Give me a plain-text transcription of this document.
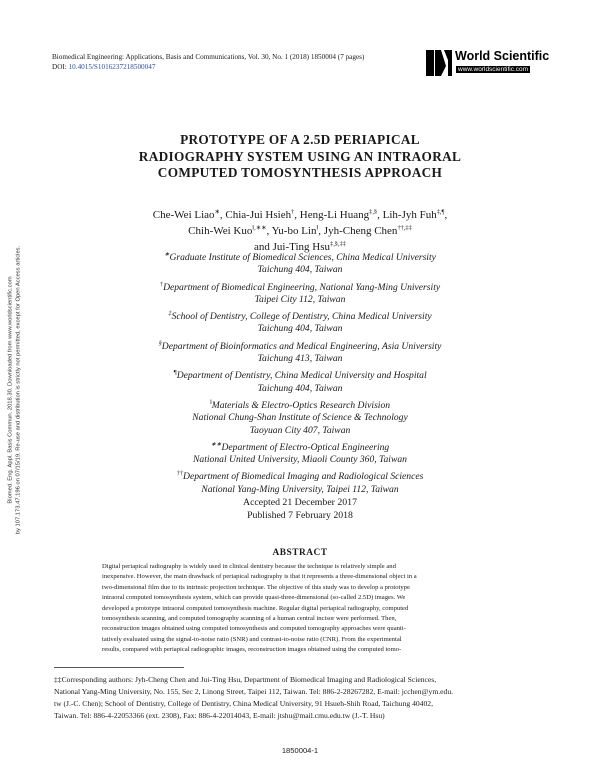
Biomed. Eng. Appl. Basis Commun. 2018.30. Downloaded from www.worldscientific.com by 107.173.47.196 on 07/15/19. Re-use and distribution is strictly not permitted, except for Open Access articles.
Biomedical Engineering: Applications, Basis and Communications, Vol. 30, No. 1 (2018) 1850004 (7 pages)
DOI: 10.4015/S1016237218500047
World Scientific
www.worldscientific.com
PROTOTYPE OF A 2.5D PERIAPICAL
RADIOGRAPHY SYSTEM USING AN INTRAORAL
COMPUTED TOMOSYNTHESIS APPROACH
Che-Wei Liao∗, Chia-Jui Hsieh†, Heng-Li Huang‡,§, Lih-Jyh Fuh‡,¶,
Chih-Wei Kuo‖,∗∗, Yu-bo Lin‖, Jyh-Cheng Chen††,‡‡
and Jui-Ting Hsu‡,§,‡‡
∗Graduate Institute of Biomedical Sciences, China Medical University
Taichung 404, Taiwan
†Department of Biomedical Engineering, National Yang-Ming University
Taipei City 112, Taiwan
‡School of Dentistry, College of Dentistry, China Medical University
Taichung 404, Taiwan
§Department of Bioinformatics and Medical Engineering, Asia University
Taichung 413, Taiwan
¶Department of Dentistry, China Medical University and Hospital
Taichung 404, Taiwan
‖Materials & Electro-Optics Research Division
National Chung-Shan Institute of Science & Technology
Taoyuan City 407, Taiwan
∗∗Department of Electro-Optical Engineering
National United University, Miaoli County 360, Taiwan
††Department of Biomedical Imaging and Radiological Sciences
National Yang-Ming University, Taipei 112, Taiwan
Accepted 21 December 2017
Published 7 February 2018
ABSTRACT
Digital periapical radiography is widely used in clinical dentistry because the technique is relatively simple and
inexpensive. However, the main drawback of periapical radiography is that it represents a three-dimensional object in a
two-dimensional film due to its intrinsic projection technique. The objective of this study was to develop a prototype
intraoral computed tomosynthesis system, which can provide quasi-three-dimensional (so-called 2.5D) images. We
developed a prototype intraoral computed tomosynthesis machine. Regular digital periapical radiography, computed
tomosynthesis scanning, and computed tomography scanning of a human central incisor were performed. Then,
reconstruction images obtained using computed tomosynthesis and computed tomography approaches were quanti-
tatively evaluated using the signal-to-noise ratio (SNR) and contrast-to-noise ratio (CNR). From the experimental
results, compared with periapical radiographic images, reconstruction images obtained using the computed tomo-
‡‡Corresponding authors: Jyh-Cheng Chen and Jui-Ting Hsu, Department of Biomedical Imaging and Radiological Sciences,
National Yang-Ming University, No. 155, Sec 2, Linong Street, Taipei 112, Taiwan. Tel: 886-2-28267282, E-mail: jcchen@ym.edu.
tw (J.-C. Chen); School of Dentistry, College of Dentistry, China Medical University, 91 Hsueh-Shih Road, Taichung 40402,
Taiwan. Tel: 886-4-22053366 (ext. 2308), Fax: 886-4-22014043, E-mail: jtshu@mail.cmu.edu.tw (J.-T. Hsu)
1850004-1
